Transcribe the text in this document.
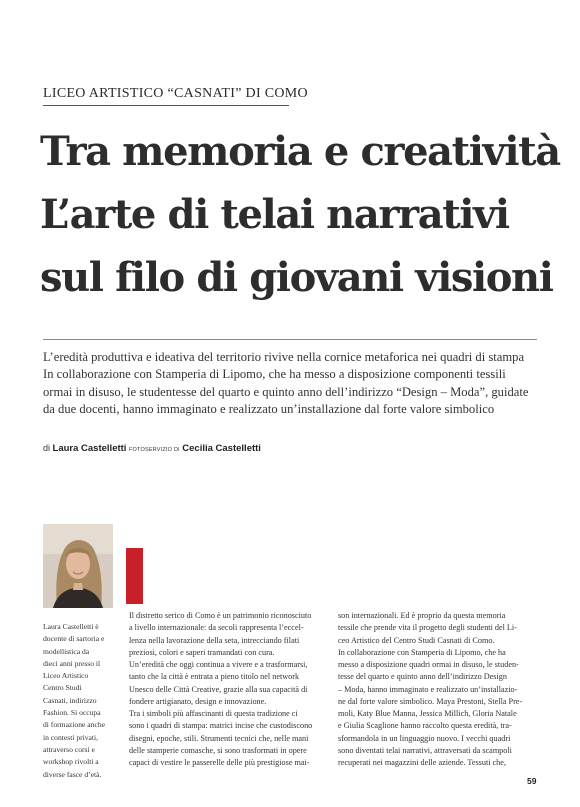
LICEO ARTISTICO “CASNATI” DI COMO
Tra memoria e creatività
L’arte di telai narrativi
sul filo di giovani visioni

L’eredità produttiva e ideativa del territorio rivive nella cornice metaforica nei quadri di stampa
In collaborazione con Stamperia di Lipomo, che ha messo a disposizione componenti tessili
ormai in disuso, le studentesse del quarto e quinto anno dell’indirizzo “Design – Moda”, guidate
da due docenti, hanno immaginato e realizzato un’installazione dal forte valore simbolico

di Laura Castelletti FOTOSERVIZIO DI Cecilia Castelletti
Laura Castelletti è
docente di sartoria e
modellistica da
dieci anni presso il
Liceo Artistico
Centro Studi
Casnati, indirizzo
Fashion. Si occupa
di formazione anche
in contesti privati,
attraverso corsi e
workshop rivolti a
diverse fasce d’età.
Il distretto serico di Como è un patrimonio riconosciuto
a livello internazionale: da secoli rappresenta l’eccel-
lenza nella lavorazione della seta, intrecciando filati
preziosi, colori e saperi tramandati con cura.
Un’eredità che oggi continua a vivere e a trasformarsi,
tanto che la città è entrata a pieno titolo nel network
Unesco delle Città Creative, grazie alla sua capacità di
fondere artigianato, design e innovazione.
Tra i simboli più affascinanti di questa tradizione ci
sono i quadri di stampa: matrici incise che custodiscono
disegni, epoche, stili. Strumenti tecnici che, nelle mani
delle stamperie comasche, si sono trasformati in opere
capaci di vestire le passerelle delle più prestigiose mai-
son internazionali. Ed è proprio da questa memoria
tessile che prende vita il progetto degli studenti del Li-
ceo Artistico del Centro Studi Casnati di Como.
In collaborazione con Stamperia di Lipomo, che ha
messo a disposizione quadri ormai in disuso, le studen-
tesse del quarto e quinto anno dell’indirizzo Design
– Moda, hanno immaginato e realizzato un’installazio-
ne dal forte valore simbolico. Maya Prestoni, Stella Pre-
moli, Katy Blue Manna, Jessica Millich, Gloria Natale
e Giulia Scaglione hanno raccolto questa eredità, tra-
sformandola in un linguaggio nuovo. I vecchi quadri
sono diventati telai narrativi, attraversati da scampoli
recuperati nei magazzini delle aziende. Tessuti che,
59
